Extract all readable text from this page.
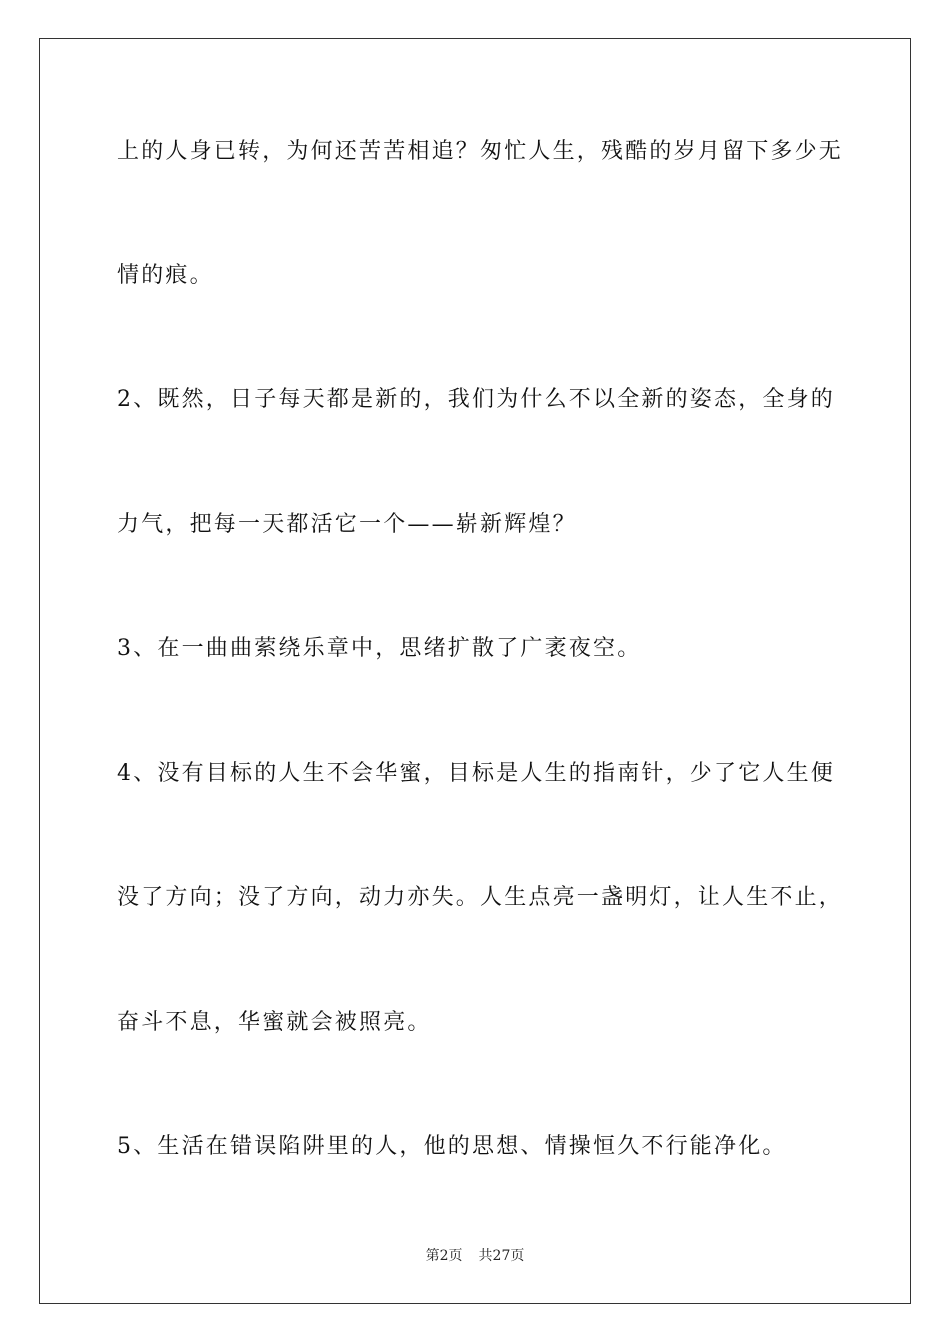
上的人身已转，为何还苦苦相追？匆忙人生，残酷的岁月留下多少无
情的痕。
2、既然，日子每天都是新的，我们为什么不以全新的姿态，全身的
力气，把每一天都活它一个——崭新辉煌？
3、在一曲曲萦绕乐章中，思绪扩散了广袤夜空。
4、没有目标的人生不会华蜜，目标是人生的指南针，少了它人生便
没了方向；没了方向，动力亦失。人生点亮一盏明灯，让人生不止，
奋斗不息，华蜜就会被照亮。
5、生活在错误陷阱里的人，他的思想、情操恒久不行能净化。
第2页 共27页
